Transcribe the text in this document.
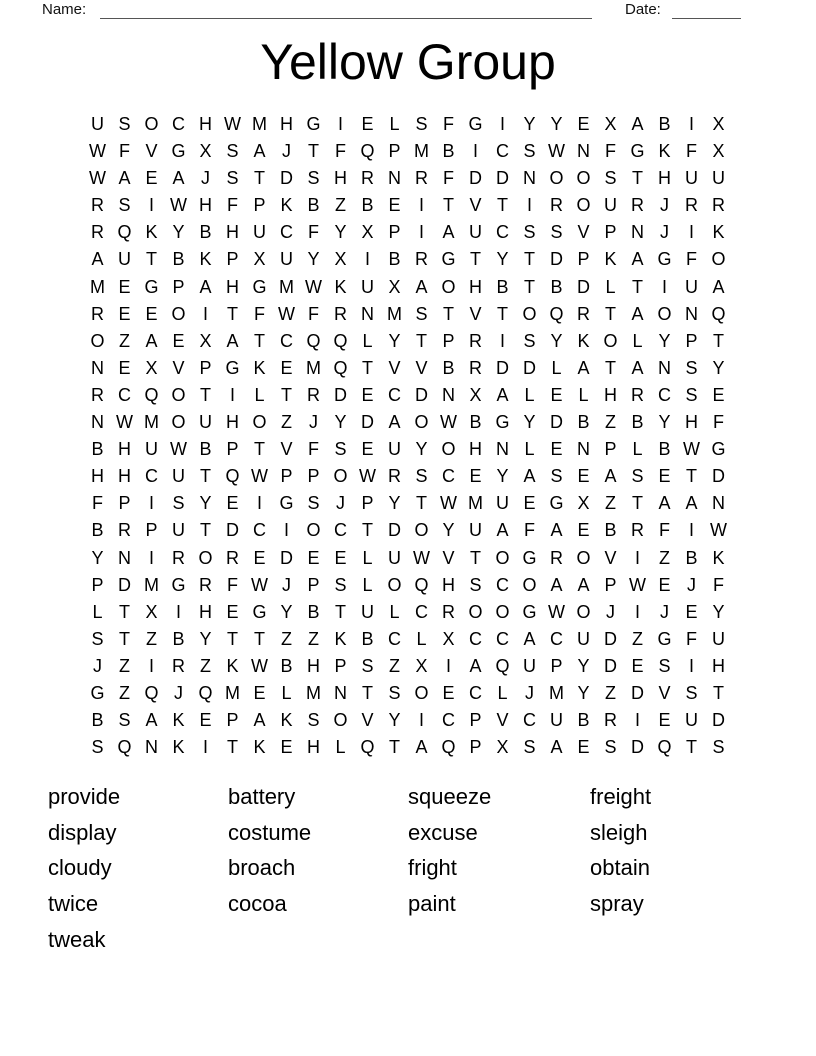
Name:	Date:
Yellow Group
U S O C H W M H G I	E L S F G I	Y Y E X A B	I	X
W F V G X S A J T F Q P M B	I	C S W N F G K F X
W A E A J S T D S H R N R F D D N O O S T H U U
R S	I W H F P K B Z B E	I	T V T	I	R O U R J R R
R Q K Y B H U C F Y X P	I	A U C S S V P N J	I	K
A U T B K P X U Y X	I	B R G T Y T D P K A G F O
M E G P A H G M W K U X A O H B T B D L T	I	U A
R E E O I	T F W F R N M S T V T O Q R T A O N Q
O Z A E X A T C Q Q L Y T P R I	S Y K O L Y P T
N E X V P G K E M Q T V V B R D D L A T A N S Y
R C Q O T	I	L T R D E C D N X A L E L H R C S E
N W M O U H O Z J Y D A O W B G Y D B Z B Y H F
B H U W B P T V F S E U Y O H N L E N P L B W G
H H C U T Q W P P O W R S C E Y A S E A S E T D
F P	I	S Y E	I G S J P Y T W M U E G X Z T A A N
B R P U T D C I O C T D O Y U A F A E B R F	I W
Y N I	R O R E D E E L U W V T O G R O V	I	Z B K
P D M G R F W J P S L O Q H S C O A A P W E J F
L T X	I	H E G Y B T U L C R O O G W O J	I	J E Y
S T Z B Y T T Z Z K B C L X C C A C U D Z G F U
J Z	I	R Z K W B H P S Z X	I	A Q U P Y D E S	I	H
G Z Q J Q M E L M N T S O E C L J M Y Z D V S T
B S A K E P A K S O V Y	I	C P V C U B R I	E U D
S Q N K	I	T K E H L Q T A Q P X S A E S D Q T S
provide
display
cloudy
twice
tweak
battery
costume
broach
cocoa
squeeze
excuse
fright
paint
freight
sleigh
obtain
spray
